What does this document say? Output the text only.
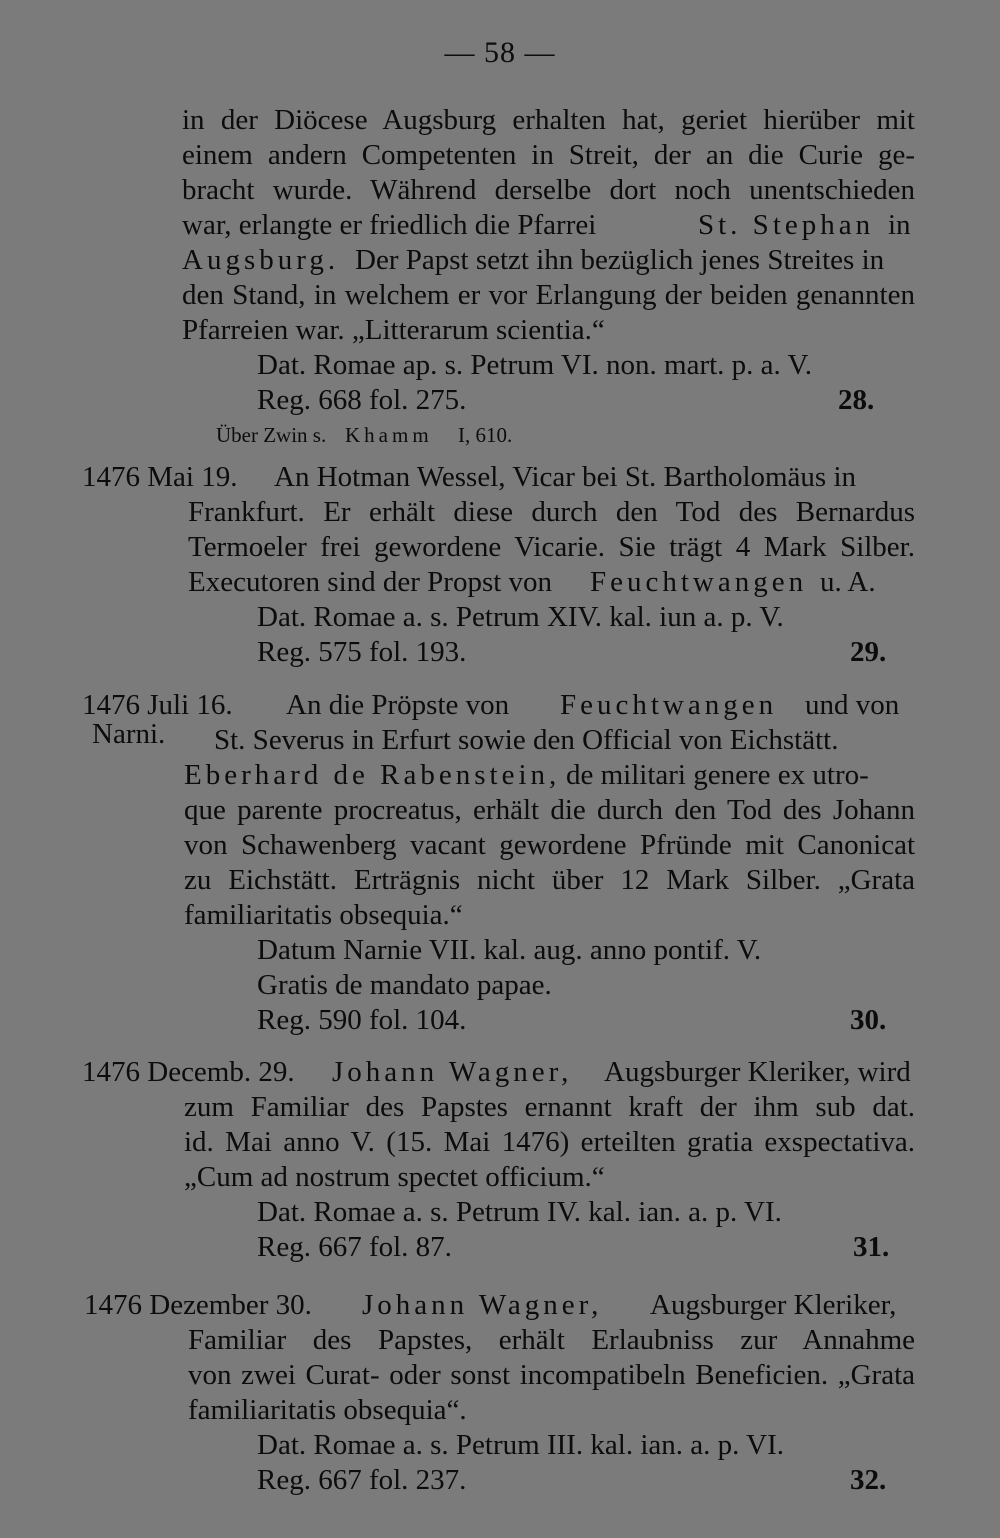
— 58 —
in der Diöcese Augsburg erhalten hat, geriet hierüber mit
einem andern Competenten in Streit, der an die Curie ge-
bracht wurde. Während derselbe dort noch unentschieden
war, erlangte er friedlich die Pfarrei	St. Stephan in
Augsburg. Der Papst setzt ihn bezüglich jenes Streites in
den Stand, in welchem er vor Erlangung der beiden genannten
Pfarreien war. „Litterarum scientia.“
Dat. Romae ap. s. Petrum VI. non. mart. p. a. V.
Reg. 668 fol. 275.	28.
Über Zwin s. Khamm I, 610.
1476 Mai 19. An Hotman Wessel, Vicar bei St. Bartholomäus in
Frankfurt. Er erhält diese durch den Tod des Bernardus
Termoeler frei gewordene Vicarie. Sie trägt 4 Mark Silber.
Executoren sind der Propst von Feuchtwangen u. A.
Dat. Romae a. s. Petrum XIV. kal. iun a. p. V.
Reg. 575 fol. 193.	29.
1476 Juli 16. An die Pröpste von Feuchtwangen und von
Narni. St. Severus in Erfurt sowie den Official von Eichstätt.
Eberhard de Rabenstein, de militari genere ex utro-
que parente procreatus, erhält die durch den Tod des Johann
von Schawenberg vacant gewordene Pfründe mit Canonicat
zu Eichstätt. Erträgnis nicht über 12 Mark Silber. „Grata
familiaritatis obsequia.“
Datum Narnie VII. kal. aug. anno pontif. V.
Gratis de mandato papae.
Reg. 590 fol. 104.	30.
1476 Decemb. 29. Johann Wagner, Augsburger Kleriker, wird
zum Familiar des Papstes ernannt kraft der ihm sub dat.
id. Mai anno V. (15. Mai 1476) erteilten gratia exspectativa.
„Cum ad nostrum spectet officium.“
Dat. Romae a. s. Petrum IV. kal. ian. a. p. VI.
Reg. 667 fol. 87.	31.
1476 Dezember 30. Johann Wagner, Augsburger Kleriker,
Familiar des Papstes, erhält Erlaubniss zur Annahme
von zwei Curat- oder sonst incompatibeln Beneficien. „Grata
familiaritatis obsequia“.
Dat. Romae a. s. Petrum III. kal. ian. a. p. VI.
Reg. 667 fol. 237.	32.
